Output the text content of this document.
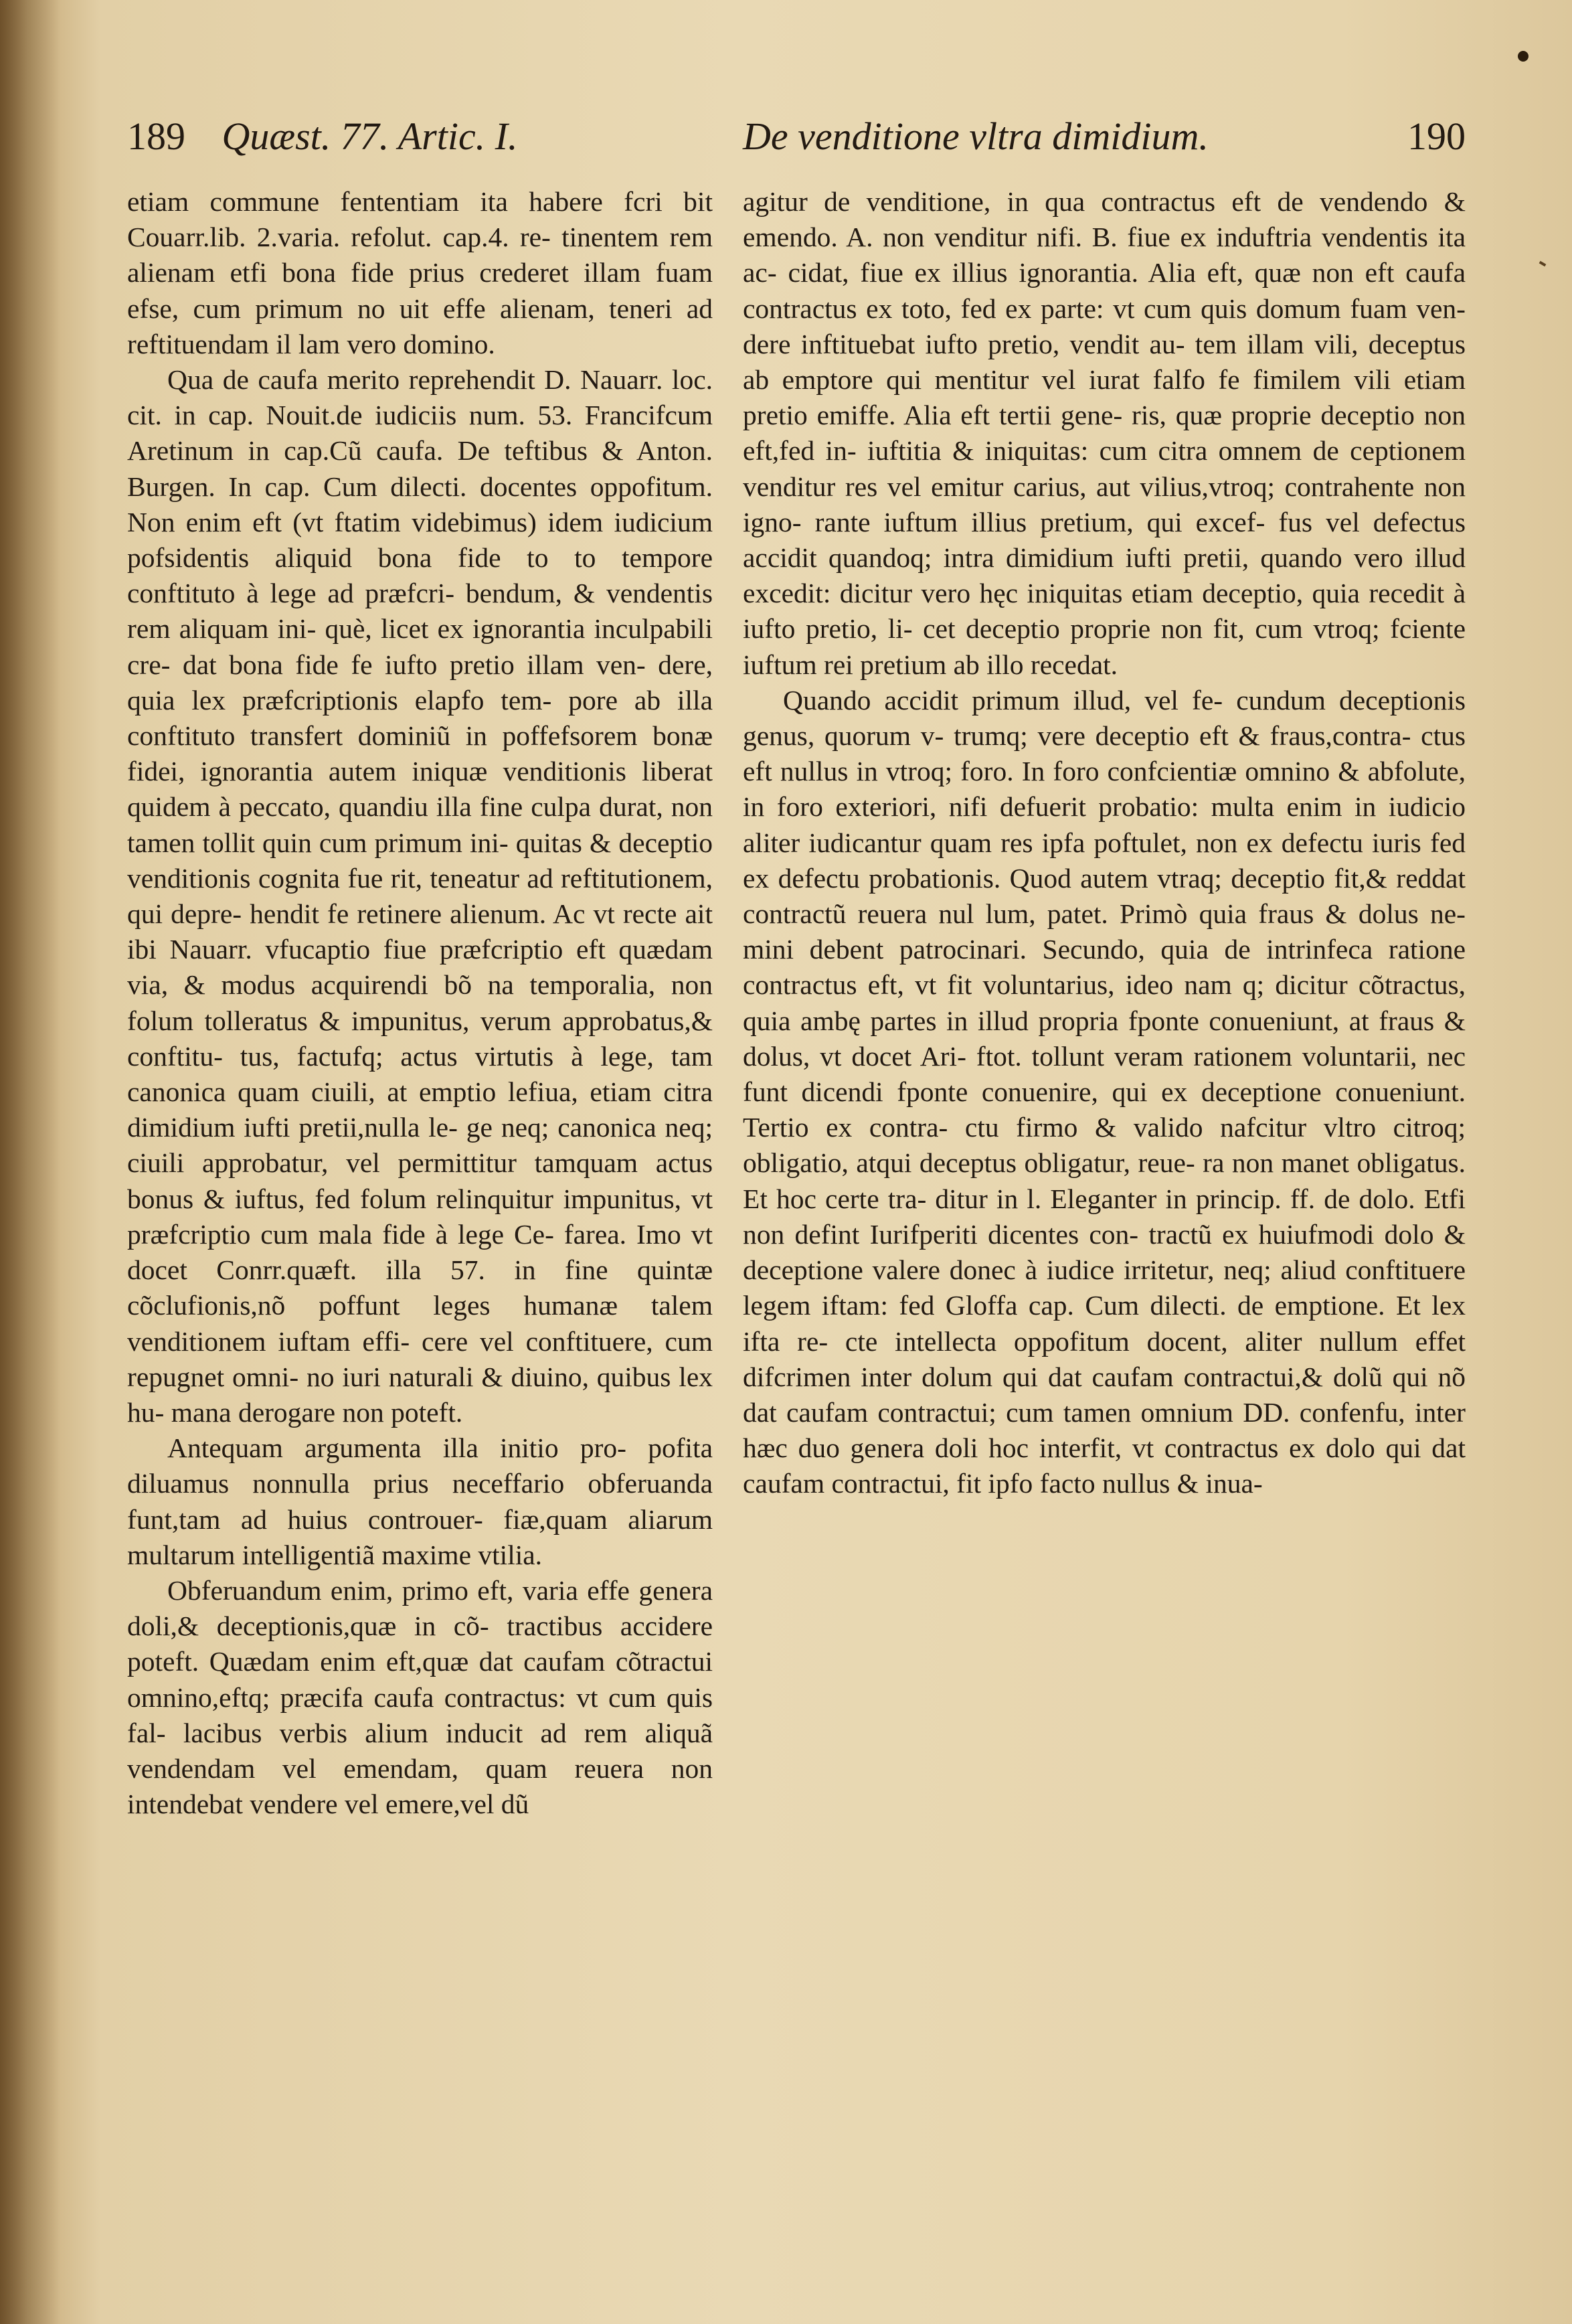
189 Quæst. 77. Artic. I.	De venditione vltra dimidium.	190

etiam commune fententiam ita habere fcri bit Couarr.lib. 2.varia. refolut. cap.4. re- tinentem rem alienam etfi bona fide prius crederet illam fuam efse, cum primum no uit effe alienam, teneri ad reftituendam il lam vero domino.

Qua de caufa merito reprehendit D. Nauarr. loc. cit. in cap. Nouit.de iudiciis num. 53. Francifcum Aretinum in cap.Cũ caufa. De teftibus & Anton. Burgen. In cap. Cum dilecti. docentes oppofitum. Non enim eft (vt ftatim videbimus) idem iudicium pofsidentis aliquid bona fide to to tempore conftituto à lege ad præfcri- bendum, & vendentis rem aliquam ini- què, licet ex ignorantia inculpabili cre- dat bona fide fe iufto pretio illam ven- dere, quia lex præfcriptionis elapfo tem- pore ab illa conftituto transfert dominiũ in poffefsorem bonæ fidei, ignorantia autem iniquæ venditionis liberat quidem à peccato, quandiu illa fine culpa durat, non tamen tollit quin cum primum ini- quitas & deceptio venditionis cognita fue rit, teneatur ad reftitutionem, qui depre- hendit fe retinere alienum. Ac vt recte ait ibi Nauarr. vfucaptio fiue præfcriptio eft quædam via, & modus acquirendi bõ na temporalia, non folum tolleratus & impunitus, verum approbatus,& conftitu- tus, factufq; actus virtutis à lege, tam canonica quam ciuili, at emptio lefiua, etiam citra dimidium iufti pretii,nulla le- ge neq; canonica neq; ciuili approbatur, vel permittitur tamquam actus bonus & iuftus, fed folum relinquitur impunitus, vt præfcriptio cum mala fide à lege Ce- farea. Imo vt docet Conrr.quæft. illa 57. in fine quintæ cõclufionis,nõ poffunt leges humanæ talem venditionem iuftam effi- cere vel conftituere, cum repugnet omni- no iuri naturali & diuino, quibus lex hu- mana derogare non poteft.

Antequam argumenta illa initio pro- pofita diluamus nonnulla prius neceffario obferuanda funt,tam ad huius controuer- fiæ,quam aliarum multarum intelligentiã maxime vtilia.

Obferuandum enim, primo eft, varia effe genera doli,& deceptionis,quæ in cõ- tractibus accidere poteft. Quædam enim eft,quæ dat caufam cõtractui omnino,eftq; præcifa caufa contractus: vt cum quis fal- lacibus verbis alium inducit ad rem aliquã vendendam vel emendam, quam reuera non intendebat vendere vel emere,vel dũ

agitur de venditione, in qua contractus eft de vendendo & emendo. A. non venditur nifi. B. fiue ex induftria vendentis ita ac- cidat, fiue ex illius ignorantia. Alia eft, quæ non eft caufa contractus ex toto, fed ex parte: vt cum quis domum fuam ven- dere inftituebat iufto pretio, vendit au- tem illam vili, deceptus ab emptore qui mentitur vel iurat falfo fe fimilem vili etiam pretio emiffe. Alia eft tertii gene- ris, quæ proprie deceptio non eft,fed in- iuftitia & iniquitas: cum citra omnem de ceptionem venditur res vel emitur carius, aut vilius,vtroq; contrahente non igno- rante iuftum illius pretium, qui excef- fus vel defectus accidit quandoq; intra dimidium iufti pretii, quando vero illud excedit: dicitur vero hęc iniquitas etiam deceptio, quia recedit à iufto pretio, li- cet deceptio proprie non fit, cum vtroq; fciente iuftum rei pretium ab illo recedat.

Quando accidit primum illud, vel fe- cundum deceptionis genus, quorum v- trumq; vere deceptio eft & fraus,contra- ctus eft nullus in vtroq; foro. In foro confcientiæ omnino & abfolute, in foro exteriori, nifi defuerit probatio: multa enim in iudicio aliter iudicantur quam res ipfa poftulet, non ex defectu iuris fed ex defectu probationis. Quod autem vtraq; deceptio fit,& reddat contractũ reuera nul lum, patet. Primò quia fraus & dolus ne- mini debent patrocinari. Secundo, quia de intrinfeca ratione contractus eft, vt fit voluntarius, ideo nam q; dicitur cõtractus, quia ambę partes in illud propria fponte conueniunt, at fraus & dolus, vt docet Ari- ftot. tollunt veram rationem voluntarii, nec funt dicendi fponte conuenire, qui ex deceptione conueniunt. Tertio ex contra- ctu firmo & valido nafcitur vltro citroq; obligatio, atqui deceptus obligatur, reue- ra non manet obligatus. Et hoc certe tra- ditur in l. Eleganter in princip. ff. de dolo. Etfi non defint Iurifperiti dicentes con- tractũ ex huiufmodi dolo & deceptione valere donec à iudice irritetur, neq; aliud conftituere legem iftam: fed Gloffa cap. Cum dilecti. de emptione. Et lex ifta re- cte intellecta oppofitum docent, aliter nullum effet difcrimen inter dolum qui dat caufam contractui,& dolũ qui nõ dat caufam contractui; cum tamen omnium DD. confenfu, inter hæc duo genera doli hoc interfit, vt contractus ex dolo qui dat caufam contractui, fit ipfo facto nullus & inua-
